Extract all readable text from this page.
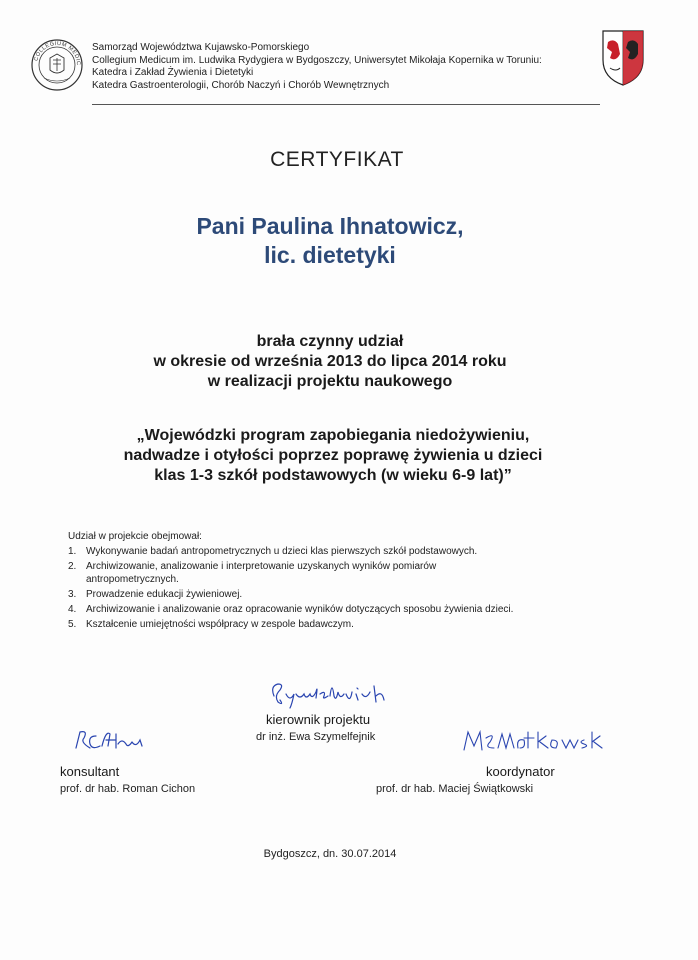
COLLEGIUM MEDIC
Samorząd Województwa Kujawsko-Pomorskiego
Collegium Medicum im. Ludwika Rydygiera w Bydgoszczy, Uniwersytet Mikołaja Kopernika w Toruniu:
Katedra i Zakład Żywienia i Dietetyki
Katedra Gastroenterologii, Chorób Naczyń i Chorób Wewnętrznych
CERTYFIKAT
Pani Paulina Ihnatowicz,
lic. dietetyki
brała czynny udział
w okresie od września 2013 do lipca 2014 roku
w realizacji projektu naukowego
„Wojewódzki program zapobiegania niedożywieniu,
nadwadze i otyłości poprzez poprawę żywienia u dzieci
klas 1-3 szkół podstawowych (w wieku 6-9 lat)”
Udział w projekcie obejmował:
1. Wykonywanie badań antropometrycznych u dzieci klas pierwszych szkół podstawowych.
2. Archiwizowanie, analizowanie i interpretowanie uzyskanych wyników pomiarów antropometrycznych.
3. Prowadzenie edukacji żywieniowej.
4. Archiwizowanie i analizowanie oraz opracowanie wyników dotyczących sposobu żywienia dzieci.
5. Kształcenie umiejętności współpracy w zespole badawczym.
kierownik projektu
dr inż. Ewa Szymelfejnik
konsultant
prof. dr hab. Roman Cichon
koordynator
prof. dr hab. Maciej Świątkowski
Bydgoszcz, dn. 30.07.2014
